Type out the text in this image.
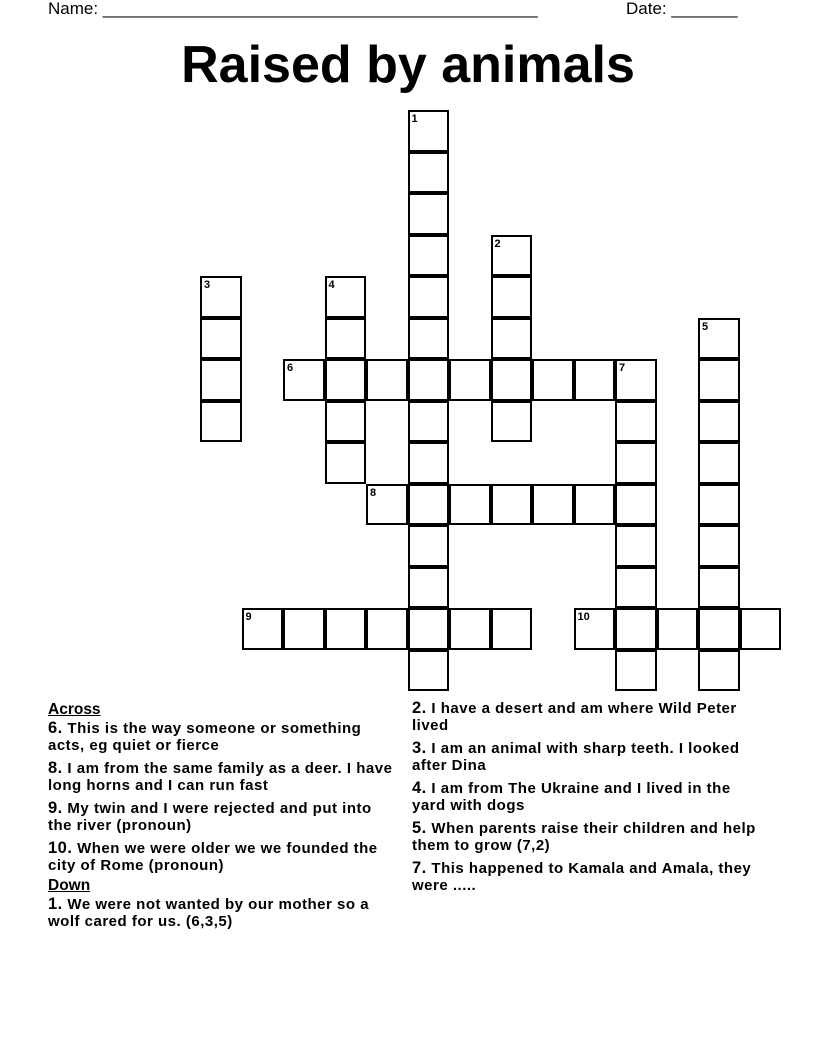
Name: ______________________________________________	Date: _______
Raised by animals
1
2
3	4
5
6	7
8
9	10
Across
6. This is the way someone or something acts, eg quiet or fierce
8. I am from the same family as a deer. I have long horns and I can run fast
9. My twin and I were rejected and put into the river (pronoun)
10. When we were older we we founded the city of Rome (pronoun)
Down
1. We were not wanted by our mother so a wolf cared for us. (6,3,5)
2. I have a desert and am where Wild Peter lived
3. I am an animal with sharp teeth. I looked after Dina
4. I am from The Ukraine and I lived in the yard with dogs
5. When parents raise their children and help them to grow (7,2)
7. This happened to Kamala and Amala, they were .....
